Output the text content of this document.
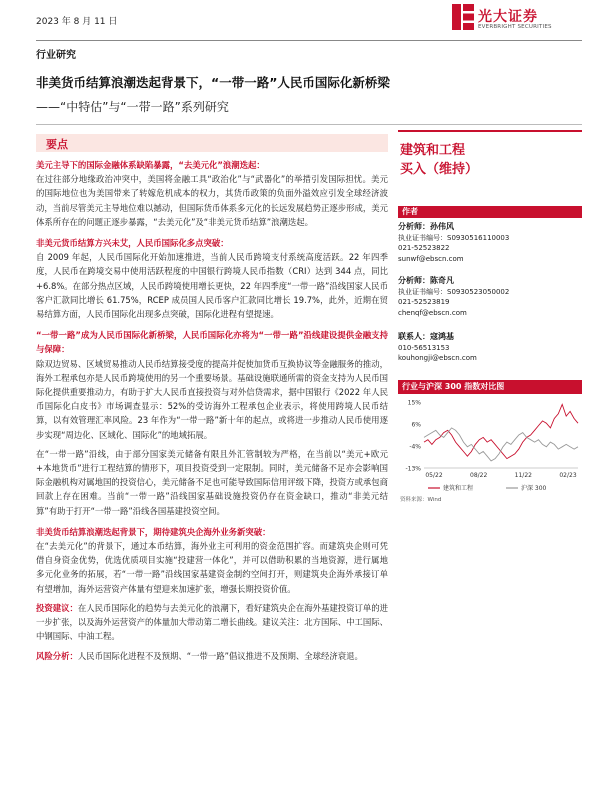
2023 年 8 月 11 日	光大证券
EVERBRIGHT SECURITIES
行业研究
非美货币结算浪潮迭起背景下，“一带一路”人民币国际化新桥梁
——“中特估”与“一带一路”系列研究
要点

美元主导下的国际金融体系缺陷暴露，“去美元化”浪潮迭起：

在过往部分地缘政治冲突中，美国将金融工具“政治化”与“武器化”的举措引发国际担忧。美元的国际地位也为美国带来了转嫁危机成本的权力，其货币政策的负面外溢效应引发全球经济波动，当前尽管美元主导地位难以撼动，但国际货币体系多元化的长远发展趋势正逐步形成，美元体系所存在的问题正逐步暴露，“去美元化”及“非美元货币结算”浪潮迭起。

非美元货币结算方兴未艾，人民币国际化多点突破：

自 2009 年起，人民币国际化开始加速推进，当前人民币跨境支付系统高度活跃。22 年四季度，人民币在跨境交易中使用活跃程度的中国银行跨境人民币指数（CRI）达到 344 点，同比+6.8%。在部分热点区域，人民币跨境使用增长更快，22 年四季度“一带一路”沿线国家人民币客户汇款同比增长 61.75%，RCEP 成员国人民币客户汇款同比增长 19.7%，此外，近期在贸易结算方面，人民币国际化出现多点突破，国际化进程有望提速。

“一带一路”成为人民币国际化新桥梁，人民币国际化亦将为“一带一路”沿线建设提供金融支持与保障：

除双边贸易、区域贸易推动人民币结算接受度的提高并促使加货币互换协议等金融服务的推动，海外工程承包亦是人民币跨境使用的另一个重要场景。基础设施联通所需的资金支持为人民币国际化提供重要推动力，有助于扩大人民币直接投资与对外信贷需求，据中国银行《2022 年人民币国际化白皮书》市场调查显示：52%的受访海外工程承包企业表示，将使用跨境人民币结算，以有效管理汇率风险。23 年作为“一带一路”新十年的起点，或将进一步推动人民币使用逐步实现“周边化、区域化、国际化”的地域拓展。

在“一带一路”沿线，由于部分国家美元储备有限且外汇管制较为严格，在当前以“美元+欧元+本地货币”进行工程结算的情形下，项目投资受到一定限制。同时，美元储备不足亦会影响国际金融机构对属地国的投资信心，美元储备不足也可能导致国际信用评级下降，投资方或承包商回款上存在困难。当前“一带一路”沿线国家基础设施投资仍存在资金缺口，推动“非美元结算”有助于打开“一带一路”沿线各国基建投资空间。

非美货币结算浪潮迭起背景下，期待建筑央企海外业务新突破：

在“去美元化”的背景下，通过本币结算，海外业主可利用的资金范围扩容。而建筑央企则可凭借自身资金优势，优选优质项目实施“投建营一体化”，并可以借助积累的当地资源，进行属地多元化业务的拓展，若“一带一路”沿线国家基建资金制约空间打开，则建筑央企海外承接订单有望增加，海外运营资产体量有望迎来加速扩张，增强长期投资价值。

投资建议：在人民币国际化的趋势与去美元化的浪潮下，看好建筑央企在海外基建投资订单的进一步扩张，以及海外运营资产的体量加大带动第二增长曲线。建议关注：北方国际、中工国际、中钢国际、中油工程。

风险分析：人民币国际化进程不及预期、“一带一路”倡议推进不及预期、全球经济衰退。

建筑和工程
买入（维持）
作者
分析师：孙伟风
执业证书编号：S0930516110003
021-52523822
sunwf@ebscn.com
分析师：陈奇凡
执业证书编号：S0930523050002
021-52523819
chenqf@ebscn.com
联系人：寇鸿基
010-56513153
kouhongji@ebscn.com
行业与沪深 300 指数对比图
15%
6%
-4%
-13%
05/22	08/22	11/22	02/23
建筑和工程	沪深 300
资料来源：Wind
